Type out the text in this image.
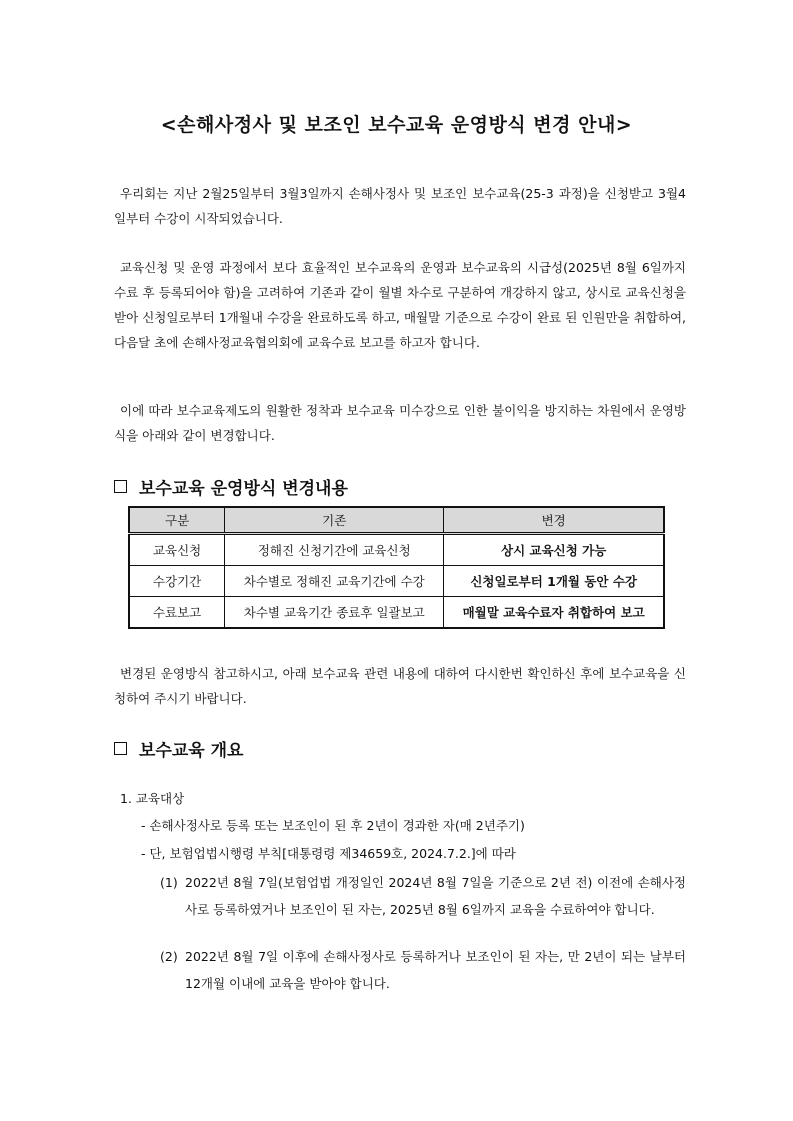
<손해사정사 및 보조인 보수교육 운영방식 변경 안내>

우리회는 지난 2월25일부터 3월3일까지 손해사정사 및 보조인 보수교육(25-3 과정)을 신청받고 3월4일부터 수강이 시작되었습니다.

교육신청 및 운영 과정에서 보다 효율적인 보수교육의 운영과 보수교육의 시급성(2025년 8월 6일까지 수료 후 등록되어야 함)을 고려하여 기존과 같이 월별 차수로 구분하여 개강하지 않고, 상시로 교육신청을 받아 신청일로부터 1개월내 수강을 완료하도록 하고, 매월말 기준으로 수강이 완료 된 인원만을 취합하여, 다음달 초에 손해사정교육협의회에 교육수료 보고를 하고자 합니다.

이에 따라 보수교육제도의 원활한 정착과 보수교육 미수강으로 인한 불이익을 방지하는 차원에서 운영방식을 아래와 같이 변경합니다.

보수교육 운영방식 변경내용
구분	기존	변경
교육신청	정해진 신청기간에 교육신청	상시 교육신청 가능
수강기간	차수별로 정해진 교육기간에 수강	신청일로부터 1개월 동안 수강
수료보고	차수별 교육기간 종료후 일괄보고	매월말 교육수료자 취합하여 보고

변경된 운영방식 참고하시고, 아래 보수교육 관련 내용에 대하여 다시한번 확인하신 후에 보수교육을 신청하여 주시기 바랍니다.

보수교육 개요
1. 교육대상
- 손해사정사로 등록 또는 보조인이 된 후 2년이 경과한 자(매 2년주기)
- 단, 보험업법시행령 부칙[대통령령 제34659호, 2024.7.2.]에 따라
(1) 2022년 8월 7일(보험업법 개정일인 2024년 8월 7일을 기준으로 2년 전) 이전에 손해사정사로 등록하였거나 보조인이 된 자는, 2025년 8월 6일까지 교육을 수료하여야 합니다.
(2) 2022년 8월 7일 이후에 손해사정사로 등록하거나 보조인이 된 자는, 만 2년이 되는 날부터 12개월 이내에 교육을 받아야 합니다.
